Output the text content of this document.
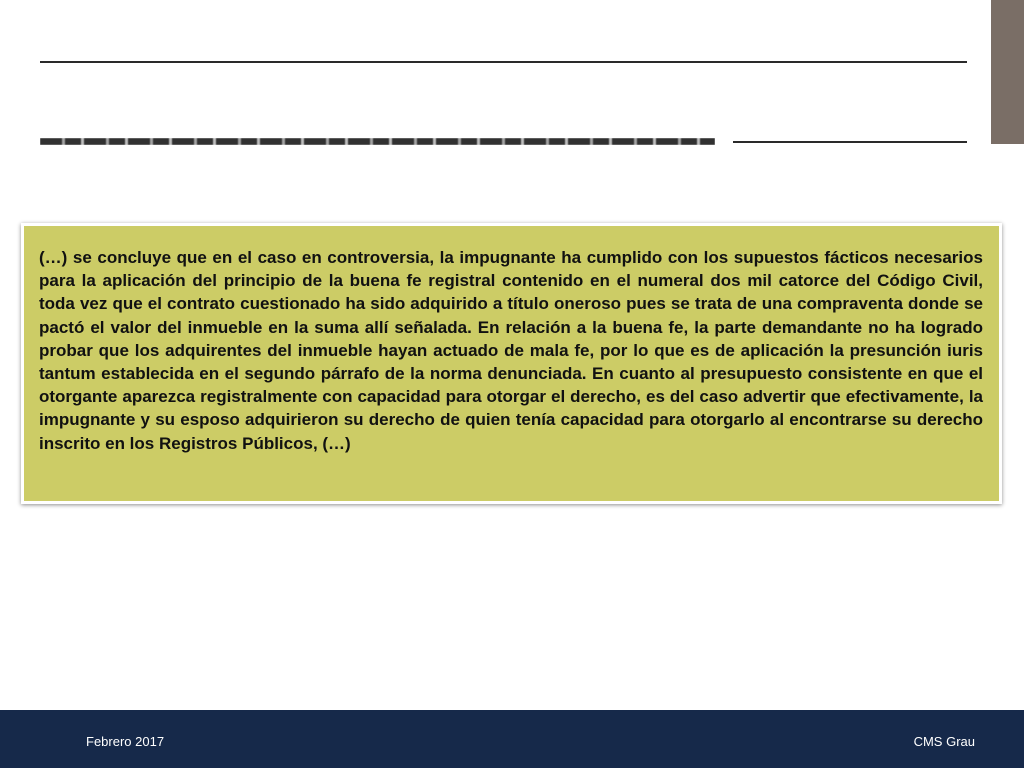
(…) se concluye que en el caso en controversia, la impugnante ha cumplido con los supuestos fácticos necesarios para la aplicación del principio de la buena fe registral contenido en el numeral dos mil catorce del Código Civil, toda vez que el contrato cuestionado ha sido adquirido a título oneroso pues se trata de una compraventa donde se pactó el valor del inmueble en la suma allí señalada. En relación a la buena fe, la parte demandante no ha logrado probar que los adquirentes del inmueble hayan actuado de mala fe, por lo que es de aplicación la presunción iuris tantum establecida en el segundo párrafo de la norma denunciada. En cuanto al presupuesto consistente en que el otorgante aparezca registralmente con capacidad para otorgar el derecho, es del caso advertir que efectivamente, la impugnante y su esposo adquirieron su derecho de quien tenía capacidad para otorgarlo al encontrarse su derecho inscrito en los Registros Públicos, (…)

Febrero 2017	CMS Grau
